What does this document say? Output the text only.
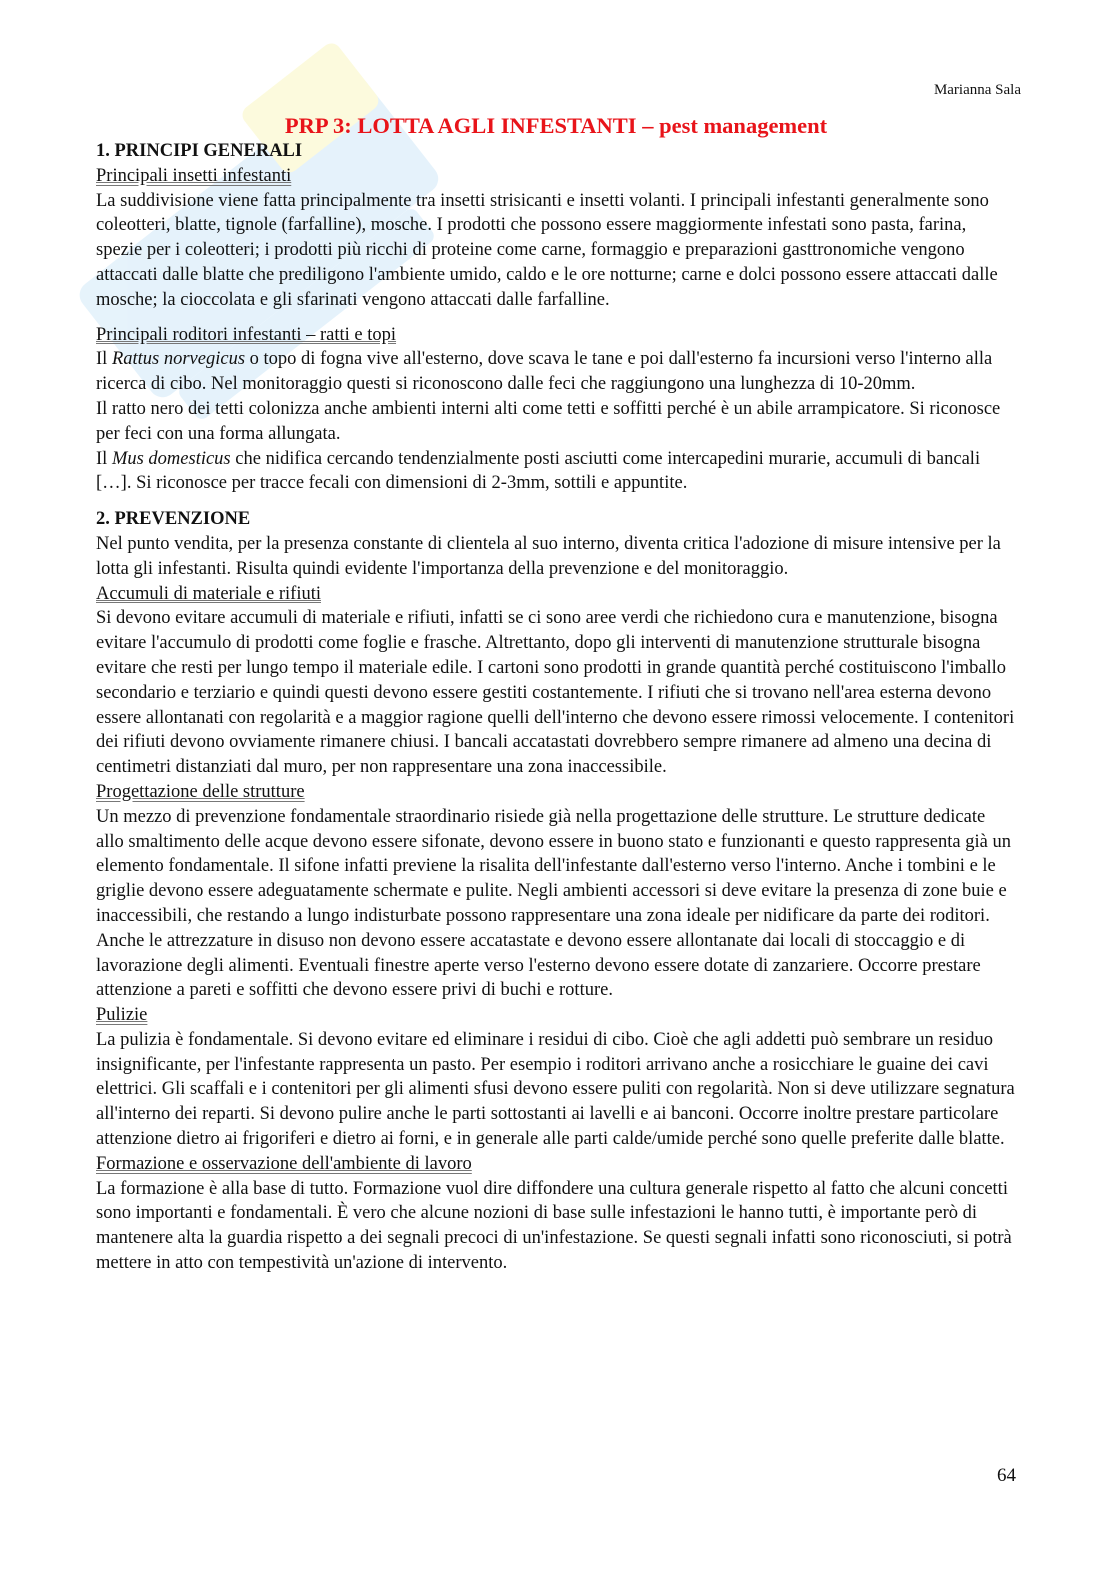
Marianna Sala
PRP 3: LOTTA AGLI INFESTANTI – pest management

1. PRINCIPI GENERALI

Principali insetti infestanti

La suddivisione viene fatta principalmente tra insetti strisicanti e insetti volanti. I principali infestanti generalmente sono coleotteri, blatte, tignole (farfalline), mosche. I prodotti che possono essere maggiormente infestati sono pasta, farina, spezie per i coleotteri; i prodotti più ricchi di proteine come carne, formaggio e preparazioni gasttronomiche vengono attaccati dalle blatte che prediligono l'ambiente umido, caldo e le ore notturne; carne e dolci possono essere attaccati dalle mosche; la cioccolata e gli sfarinati vengono attaccati dalle farfalline.

Principali roditori infestanti – ratti e topi

Il Rattus norvegicus o topo di fogna vive all'esterno, dove scava le tane e poi dall'esterno fa incursioni verso l'interno alla ricerca di cibo. Nel monitoraggio questi si riconoscono dalle feci che raggiungono una lunghezza di 10-20mm.

Il ratto nero dei tetti colonizza anche ambienti interni alti come tetti e soffitti perché è un abile arrampicatore. Si riconosce per feci con una forma allungata.

Il Mus domesticus che nidifica cercando tendenzialmente posti asciutti come intercapedini murarie, accumuli di bancali […]. Si riconosce per tracce fecali con dimensioni di 2-3mm, sottili e appuntite.

2. PREVENZIONE

Nel punto vendita, per la presenza constante di clientela al suo interno, diventa critica l'adozione di misure intensive per la lotta gli infestanti. Risulta quindi evidente l'importanza della prevenzione e del monitoraggio.

Accumuli di materiale e rifiuti

Si devono evitare accumuli di materiale e rifiuti, infatti se ci sono aree verdi che richiedono cura e manutenzione, bisogna evitare l'accumulo di prodotti come foglie e frasche. Altrettanto, dopo gli interventi di manutenzione strutturale bisogna evitare che resti per lungo tempo il materiale edile. I cartoni sono prodotti in grande quantità perché costituiscono l'imballo secondario e terziario e quindi questi devono essere gestiti costantemente. I rifiuti che si trovano nell'area esterna devono essere allontanati con regolarità e a maggior ragione quelli dell'interno che devono essere rimossi velocemente. I contenitori dei rifiuti devono ovviamente rimanere chiusi. I bancali accatastati dovrebbero sempre rimanere ad almeno una decina di centimetri distanziati dal muro, per non rappresentare una zona inaccessibile.

Progettazione delle strutture

Un mezzo di prevenzione fondamentale straordinario risiede già nella progettazione delle strutture. Le strutture dedicate allo smaltimento delle acque devono essere sifonate, devono essere in buono stato e funzionanti e questo rappresenta già un elemento fondamentale. Il sifone infatti previene la risalita dell'infestante dall'esterno verso l'interno. Anche i tombini e le griglie devono essere adeguatamente schermate e pulite. Negli ambienti accessori si deve evitare la presenza di zone buie e inaccessibili, che restando a lungo indisturbate possono rappresentare una zona ideale per nidificare da parte dei roditori. Anche le attrezzature in disuso non devono essere accatastate e devono essere allontanate dai locali di stoccaggio e di lavorazione degli alimenti. Eventuali finestre aperte verso l'esterno devono essere dotate di zanzariere. Occorre prestare attenzione a pareti e soffitti che devono essere privi di buchi e rotture.

Pulizie

La pulizia è fondamentale. Si devono evitare ed eliminare i residui di cibo. Cioè che agli addetti può sembrare un residuo insignificante, per l'infestante rappresenta un pasto. Per esempio i roditori arrivano anche a rosicchiare le guaine dei cavi elettrici. Gli scaffali e i contenitori per gli alimenti sfusi devono essere puliti con regolarità. Non si deve utilizzare segnatura all'interno dei reparti. Si devono pulire anche le parti sottostanti ai lavelli e ai banconi. Occorre inoltre prestare particolare attenzione dietro ai frigoriferi e dietro ai forni, e in generale alle parti calde/umide perché sono quelle preferite dalle blatte.

Formazione e osservazione dell'ambiente di lavoro

La formazione è alla base di tutto. Formazione vuol dire diffondere una cultura generale rispetto al fatto che alcuni concetti sono importanti e fondamentali. È vero che alcune nozioni di base sulle infestazioni le hanno tutti, è importante però di mantenere alta la guardia rispetto a dei segnali precoci di un'infestazione. Se questi segnali infatti sono riconosciuti, si potrà mettere in atto con tempestività un'azione di intervento.

64
